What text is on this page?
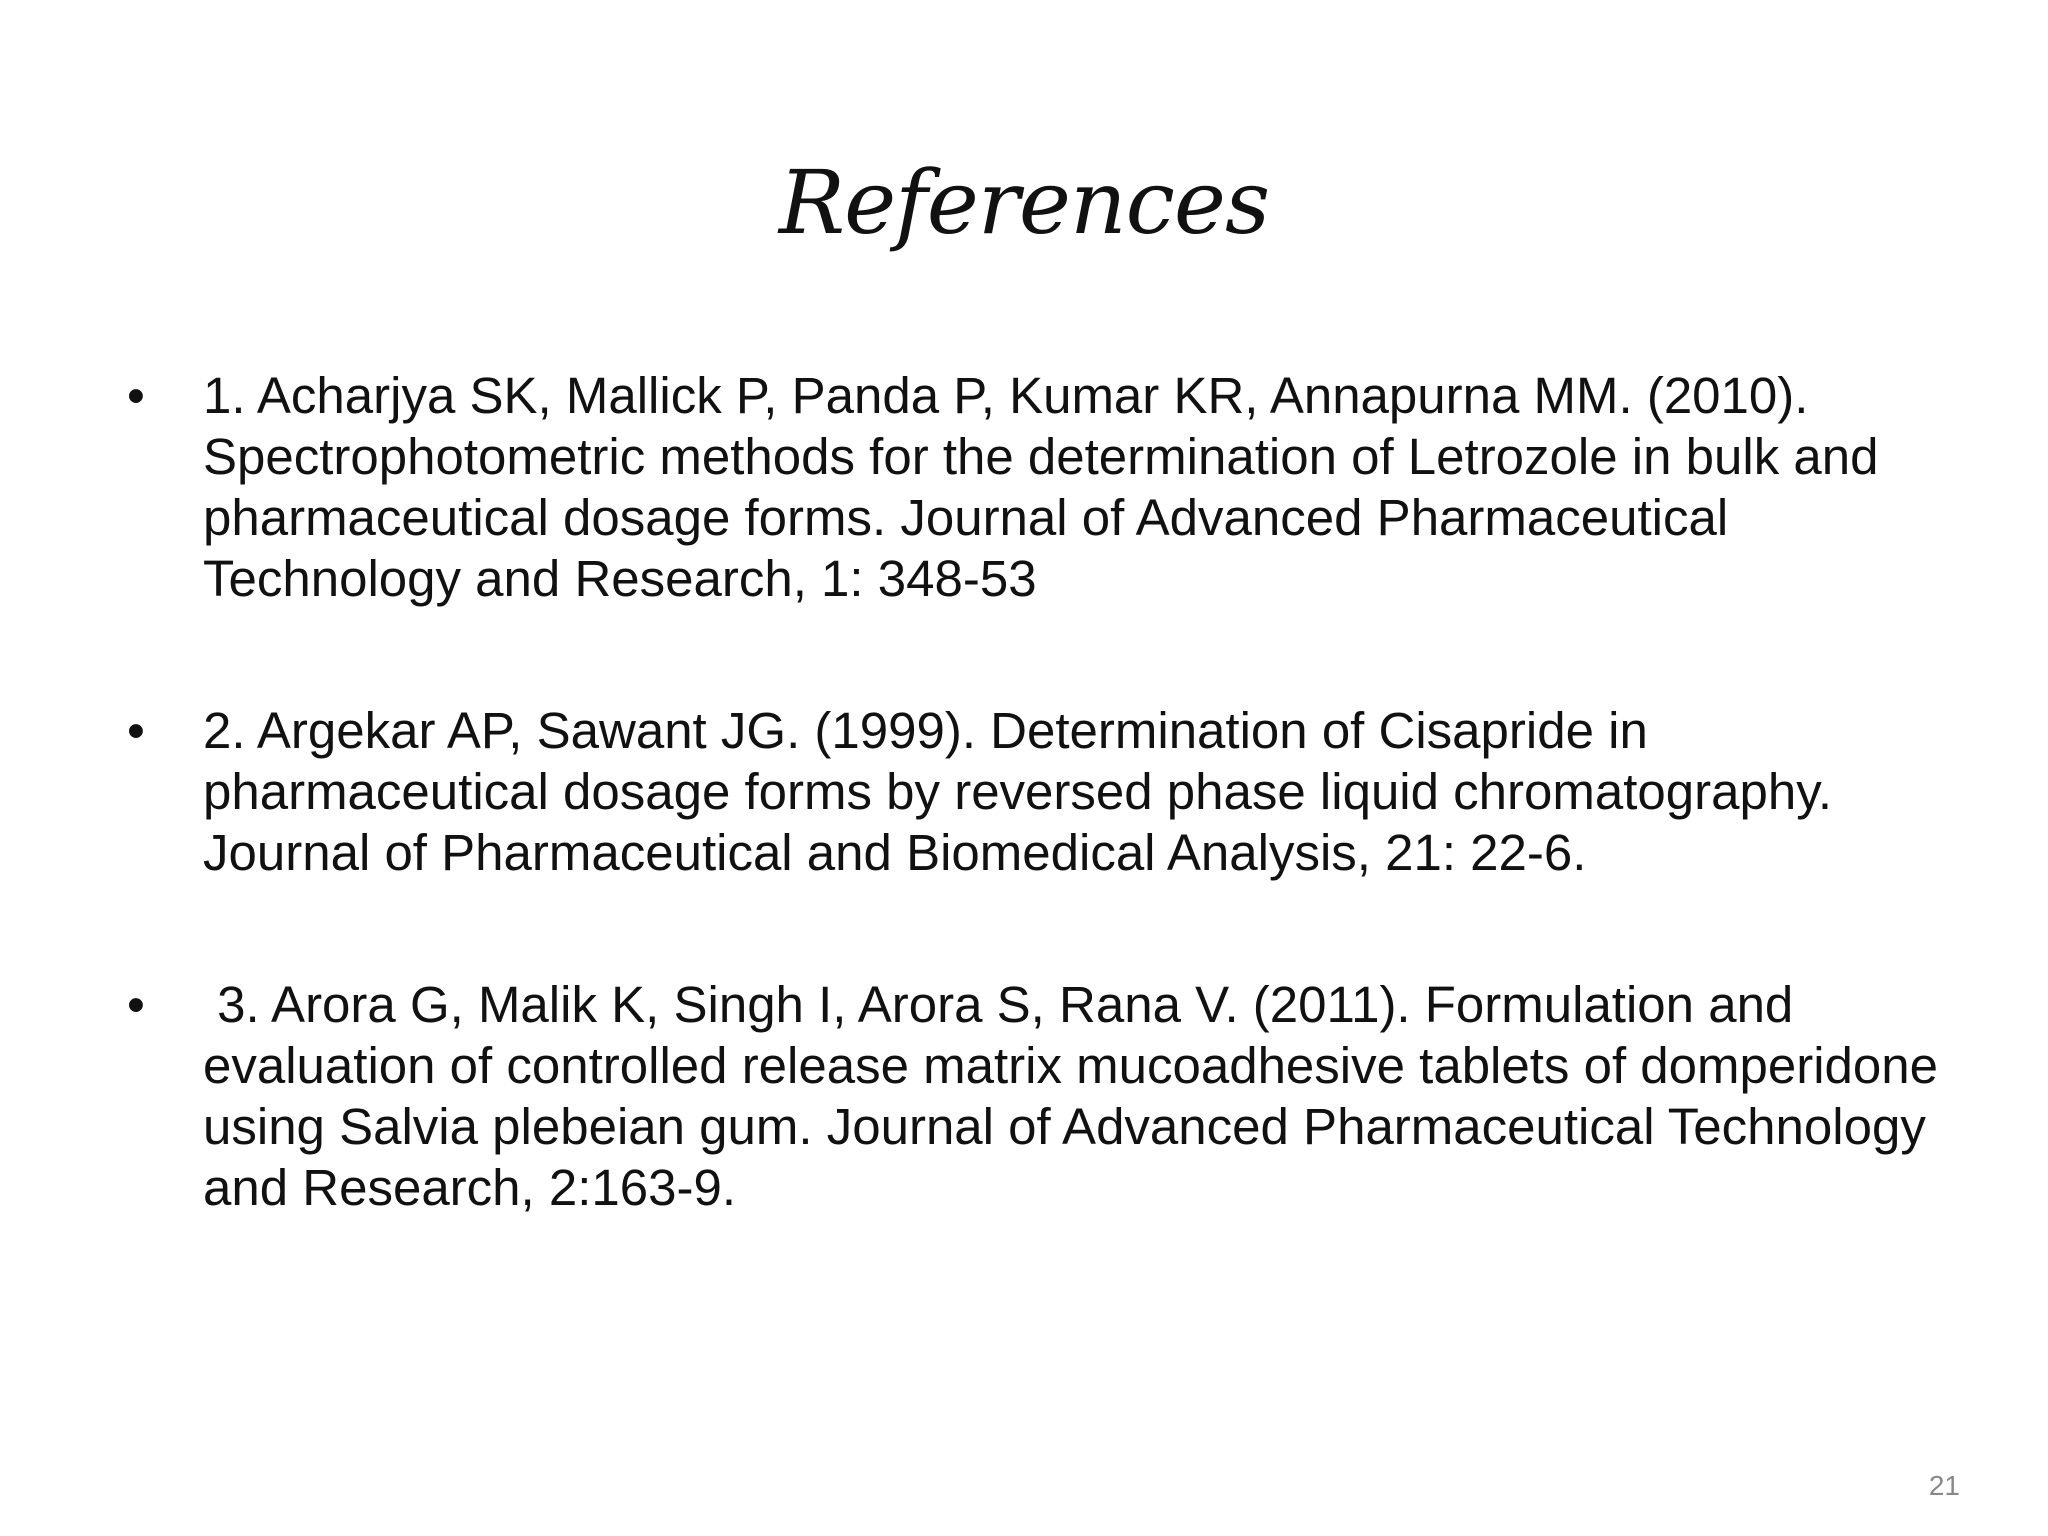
References
• 1. Acharjya SK, Mallick P, Panda P, Kumar KR, Annapurna MM. (2010). Spectrophotometric methods for the determination of Letrozole in bulk and pharmaceutical dosage forms. Journal of Advanced Pharmaceutical Technology and Research, 1: 348-53
• 2. Argekar AP, Sawant JG. (1999). Determination of Cisapride in pharmaceutical dosage forms by reversed phase liquid chromatography. Journal of Pharmaceutical and Biomedical Analysis, 21: 22-6.
• 3. Arora G, Malik K, Singh I, Arora S, Rana V. (2011). Formulation and evaluation of controlled release matrix mucoadhesive tablets of domperidone using Salvia plebeian gum. Journal of Advanced Pharmaceutical Technology and Research, 2:163-9.
21
